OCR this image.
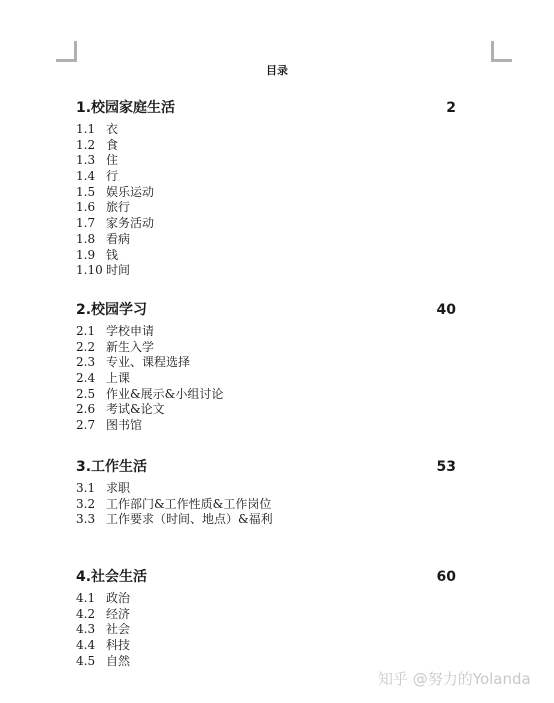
目录
1.校园家庭生活	2
1.1 衣
1.2 食
1.3 住
1.4 行
1.5 娱乐运动
1.6 旅行
1.7 家务活动
1.8 看病
1.9 钱
1.10 时间
2.校园学习	40
2.1 学校申请
2.2 新生入学
2.3 专业、课程选择
2.4 上课
2.5 作业&展示&小组讨论
2.6 考试&论文
2.7 图书馆
3.工作生活	53
3.1 求职
3.2 工作部门&工作性质&工作岗位
3.3 工作要求（时间、地点）&福利
4.社会生活	60
4.1 政治
4.2 经济
4.3 社会
4.4 科技
4.5 自然
知乎 @努力的Yolanda
